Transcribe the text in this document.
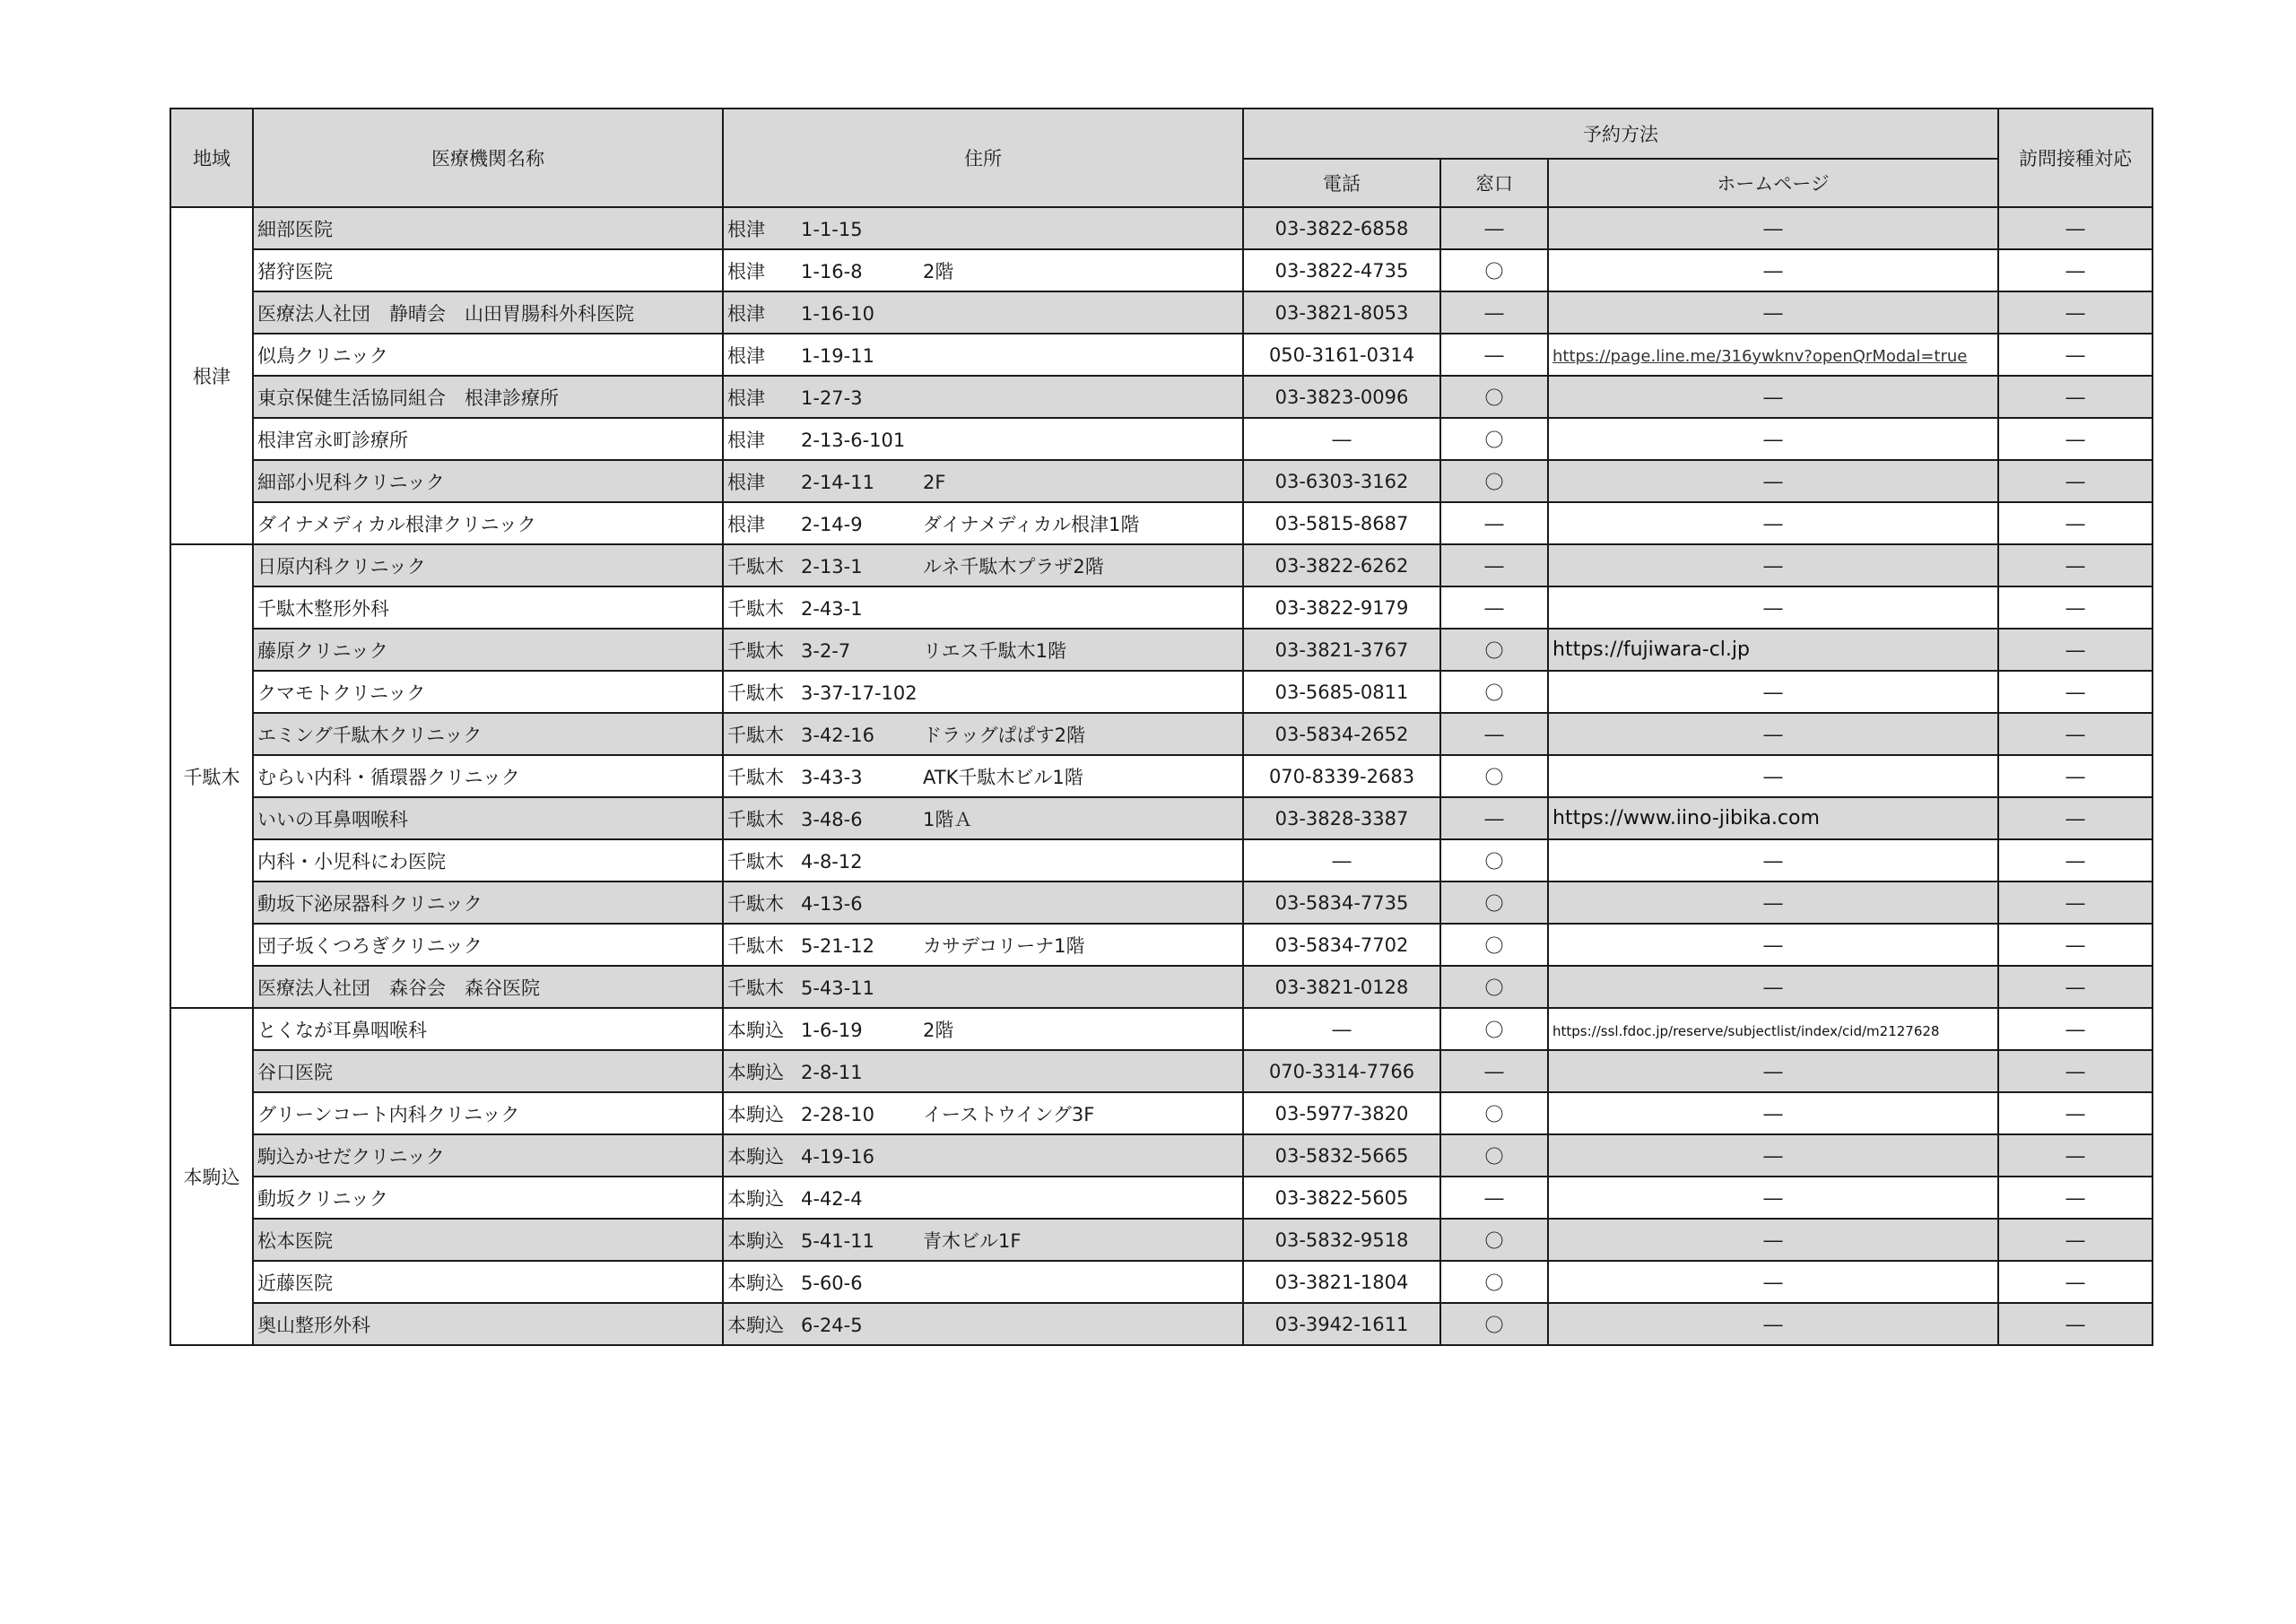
地域	医療機関名称	住所	予約方法			訪問接種対応
			電話	窓口	ホームページ	
根津	細部医院	根津 1-1-15	03-3822-6858	―	―	―
	猪狩医院	根津 1-16-8 2階	03-3822-4735	〇	―	―
	医療法人社団　静晴会　山田胃腸科外科医院	根津 1-16-10	03-3821-8053	―	―	―
	似鳥クリニック	根津 1-19-11	050-3161-0314	―	https://page.line.me/316ywknv?openQrModal=true	―
	東京保健生活協同組合　根津診療所	根津 1-27-3	03-3823-0096	〇	―	―
	根津宮永町診療所	根津 2-13-6-101	―	〇	―	―
	細部小児科クリニック	根津 2-14-11 2F	03-6303-3162	〇	―	―
	ダイナメディカル根津クリニック	根津 2-14-9 ダイナメディカル根津1階	03-5815-8687	―	―	―
千駄木	日原内科クリニック	千駄木 2-13-1 ルネ千駄木プラザ2階	03-3822-6262	―	―	―
	千駄木整形外科	千駄木 2-43-1	03-3822-9179	―	―	―
	藤原クリニック	千駄木 3-2-7 リエス千駄木1階	03-3821-3767	〇	https://fujiwara-cl.jp	―
	クマモトクリニック	千駄木 3-37-17-102	03-5685-0811	〇	―	―
	エミング千駄木クリニック	千駄木 3-42-16 ドラッグぱぱす2階	03-5834-2652	―	―	―
	むらい内科・循環器クリニック	千駄木 3-43-3 ATK千駄木ビル1階	070-8339-2683	〇	―	―
	いいの耳鼻咽喉科	千駄木 3-48-6 1階Ａ	03-3828-3387	―	https://www.iino-jibika.com	―
	内科・小児科にわ医院	千駄木 4-8-12	―	〇	―	―
	動坂下泌尿器科クリニック	千駄木 4-13-6	03-5834-7735	〇	―	―
	団子坂くつろぎクリニック	千駄木 5-21-12 カサデコリーナ1階	03-5834-7702	〇	―	―
	医療法人社団　森谷会　森谷医院	千駄木 5-43-11	03-3821-0128	〇	―	―
本駒込	とくなが耳鼻咽喉科	本駒込 1-6-19 2階	―	〇	https://ssl.fdoc.jp/reserve/subjectlist/index/cid/m2127628	―
	谷口医院	本駒込 2-8-11	070-3314-7766	―	―	―
	グリーンコート内科クリニック	本駒込 2-28-10 イーストウイング3F	03-5977-3820	〇	―	―
	駒込かせだクリニック	本駒込 4-19-16	03-5832-5665	〇	―	―
	動坂クリニック	本駒込 4-42-4	03-3822-5605	―	―	―
	松本医院	本駒込 5-41-11 青木ビル1F	03-5832-9518	〇	―	―
	近藤医院	本駒込 5-60-6	03-3821-1804	〇	―	―
	奥山整形外科	本駒込 6-24-5	03-3942-1611	〇	―	―
